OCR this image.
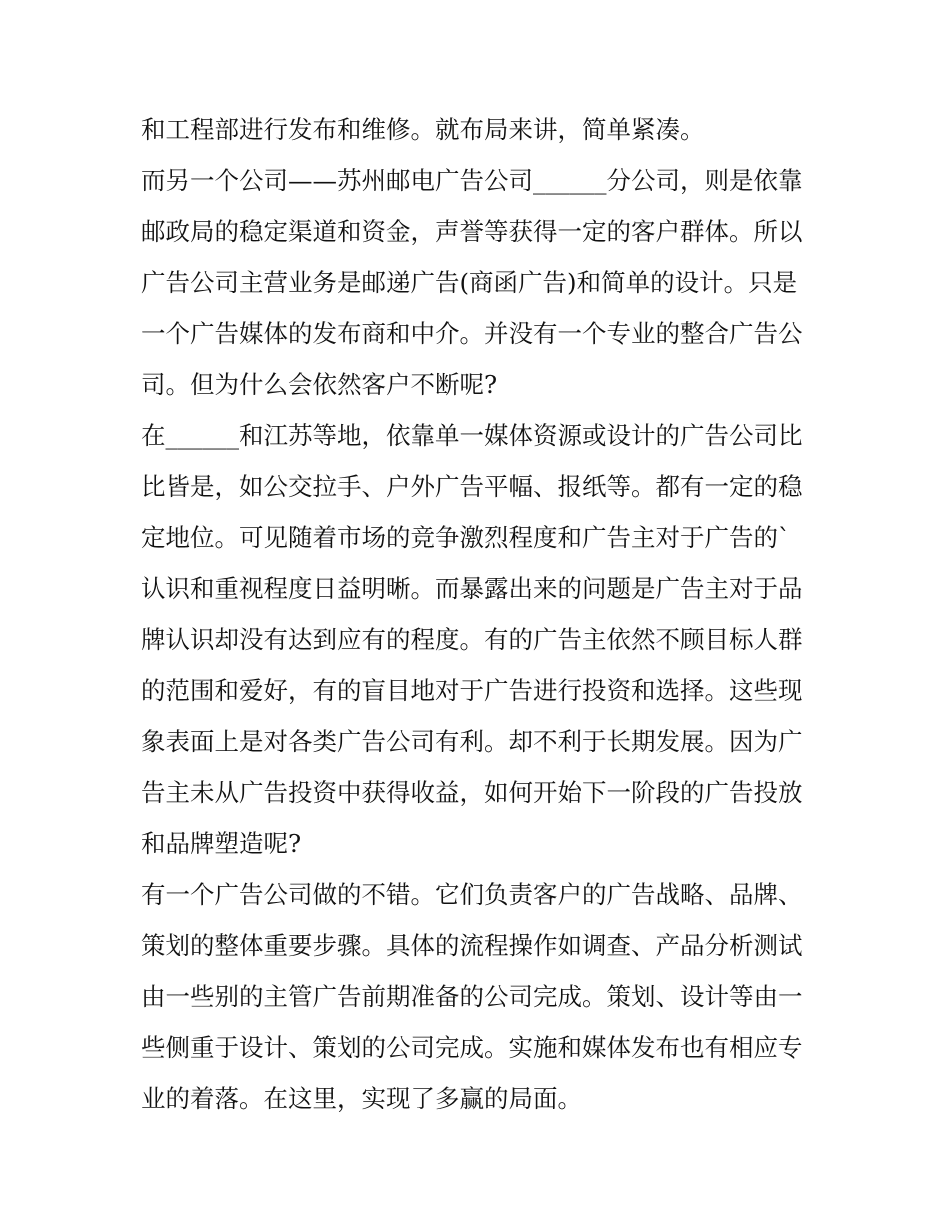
和工程部进行发布和维修。就布局来讲，简单紧凑。
而另一个公司——苏州邮电广告公司______分公司，则是依靠
邮政局的稳定渠道和资金，声誉等获得一定的客户群体。所以
广告公司主营业务是邮递广告(商函广告)和简单的设计。只是
一个广告媒体的发布商和中介。并没有一个专业的整合广告公
司。但为什么会依然客户不断呢?
在______和江苏等地，依靠单一媒体资源或设计的广告公司比
比皆是，如公交拉手、户外广告平幅、报纸等。都有一定的稳
定地位。可见随着市场的竞争激烈程度和广告主对于广告的`
认识和重视程度日益明晰。而暴露出来的问题是广告主对于品
牌认识却没有达到应有的程度。有的广告主依然不顾目标人群
的范围和爱好，有的盲目地对于广告进行投资和选择。这些现
象表面上是对各类广告公司有利。却不利于长期发展。因为广
告主未从广告投资中获得收益，如何开始下一阶段的广告投放
和品牌塑造呢?
有一个广告公司做的不错。它们负责客户的广告战略、品牌、
策划的整体重要步骤。具体的流程操作如调查、产品分析测试
由一些别的主管广告前期准备的公司完成。策划、设计等由一
些侧重于设计、策划的公司完成。实施和媒体发布也有相应专
业的着落。在这里，实现了多赢的局面。
